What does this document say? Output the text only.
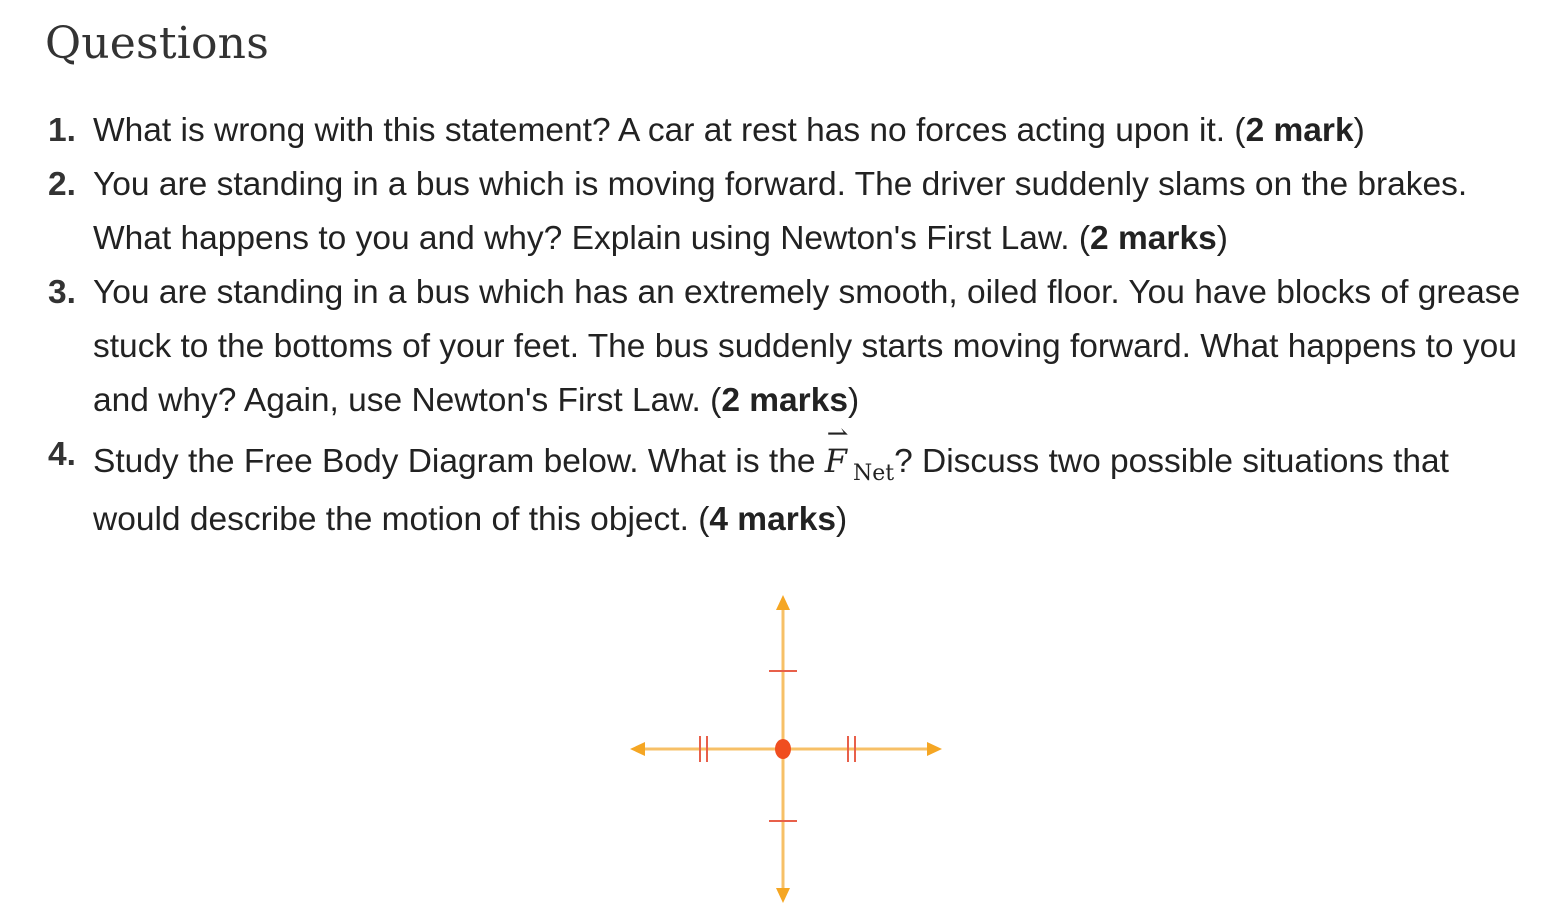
Questions
1. What is wrong with this statement? A car at rest has no forces acting upon it. (2 mark)
2. You are standing in a bus which is moving forward. The driver suddenly slams on the brakes. What happens to you and why? Explain using Newton's First Law. (2 marks)
3. You are standing in a bus which has an extremely smooth, oiled floor. You have blocks of grease stuck to the bottoms of your feet. The bus suddenly starts moving forward. What happens to you and why? Again, use Newton's First Law. (2 marks)
4. Study the Free Body Diagram below. What is the
⇀
F $_{Net}$? Discuss two possible situations that would describe the motion of this object. (4 marks)
